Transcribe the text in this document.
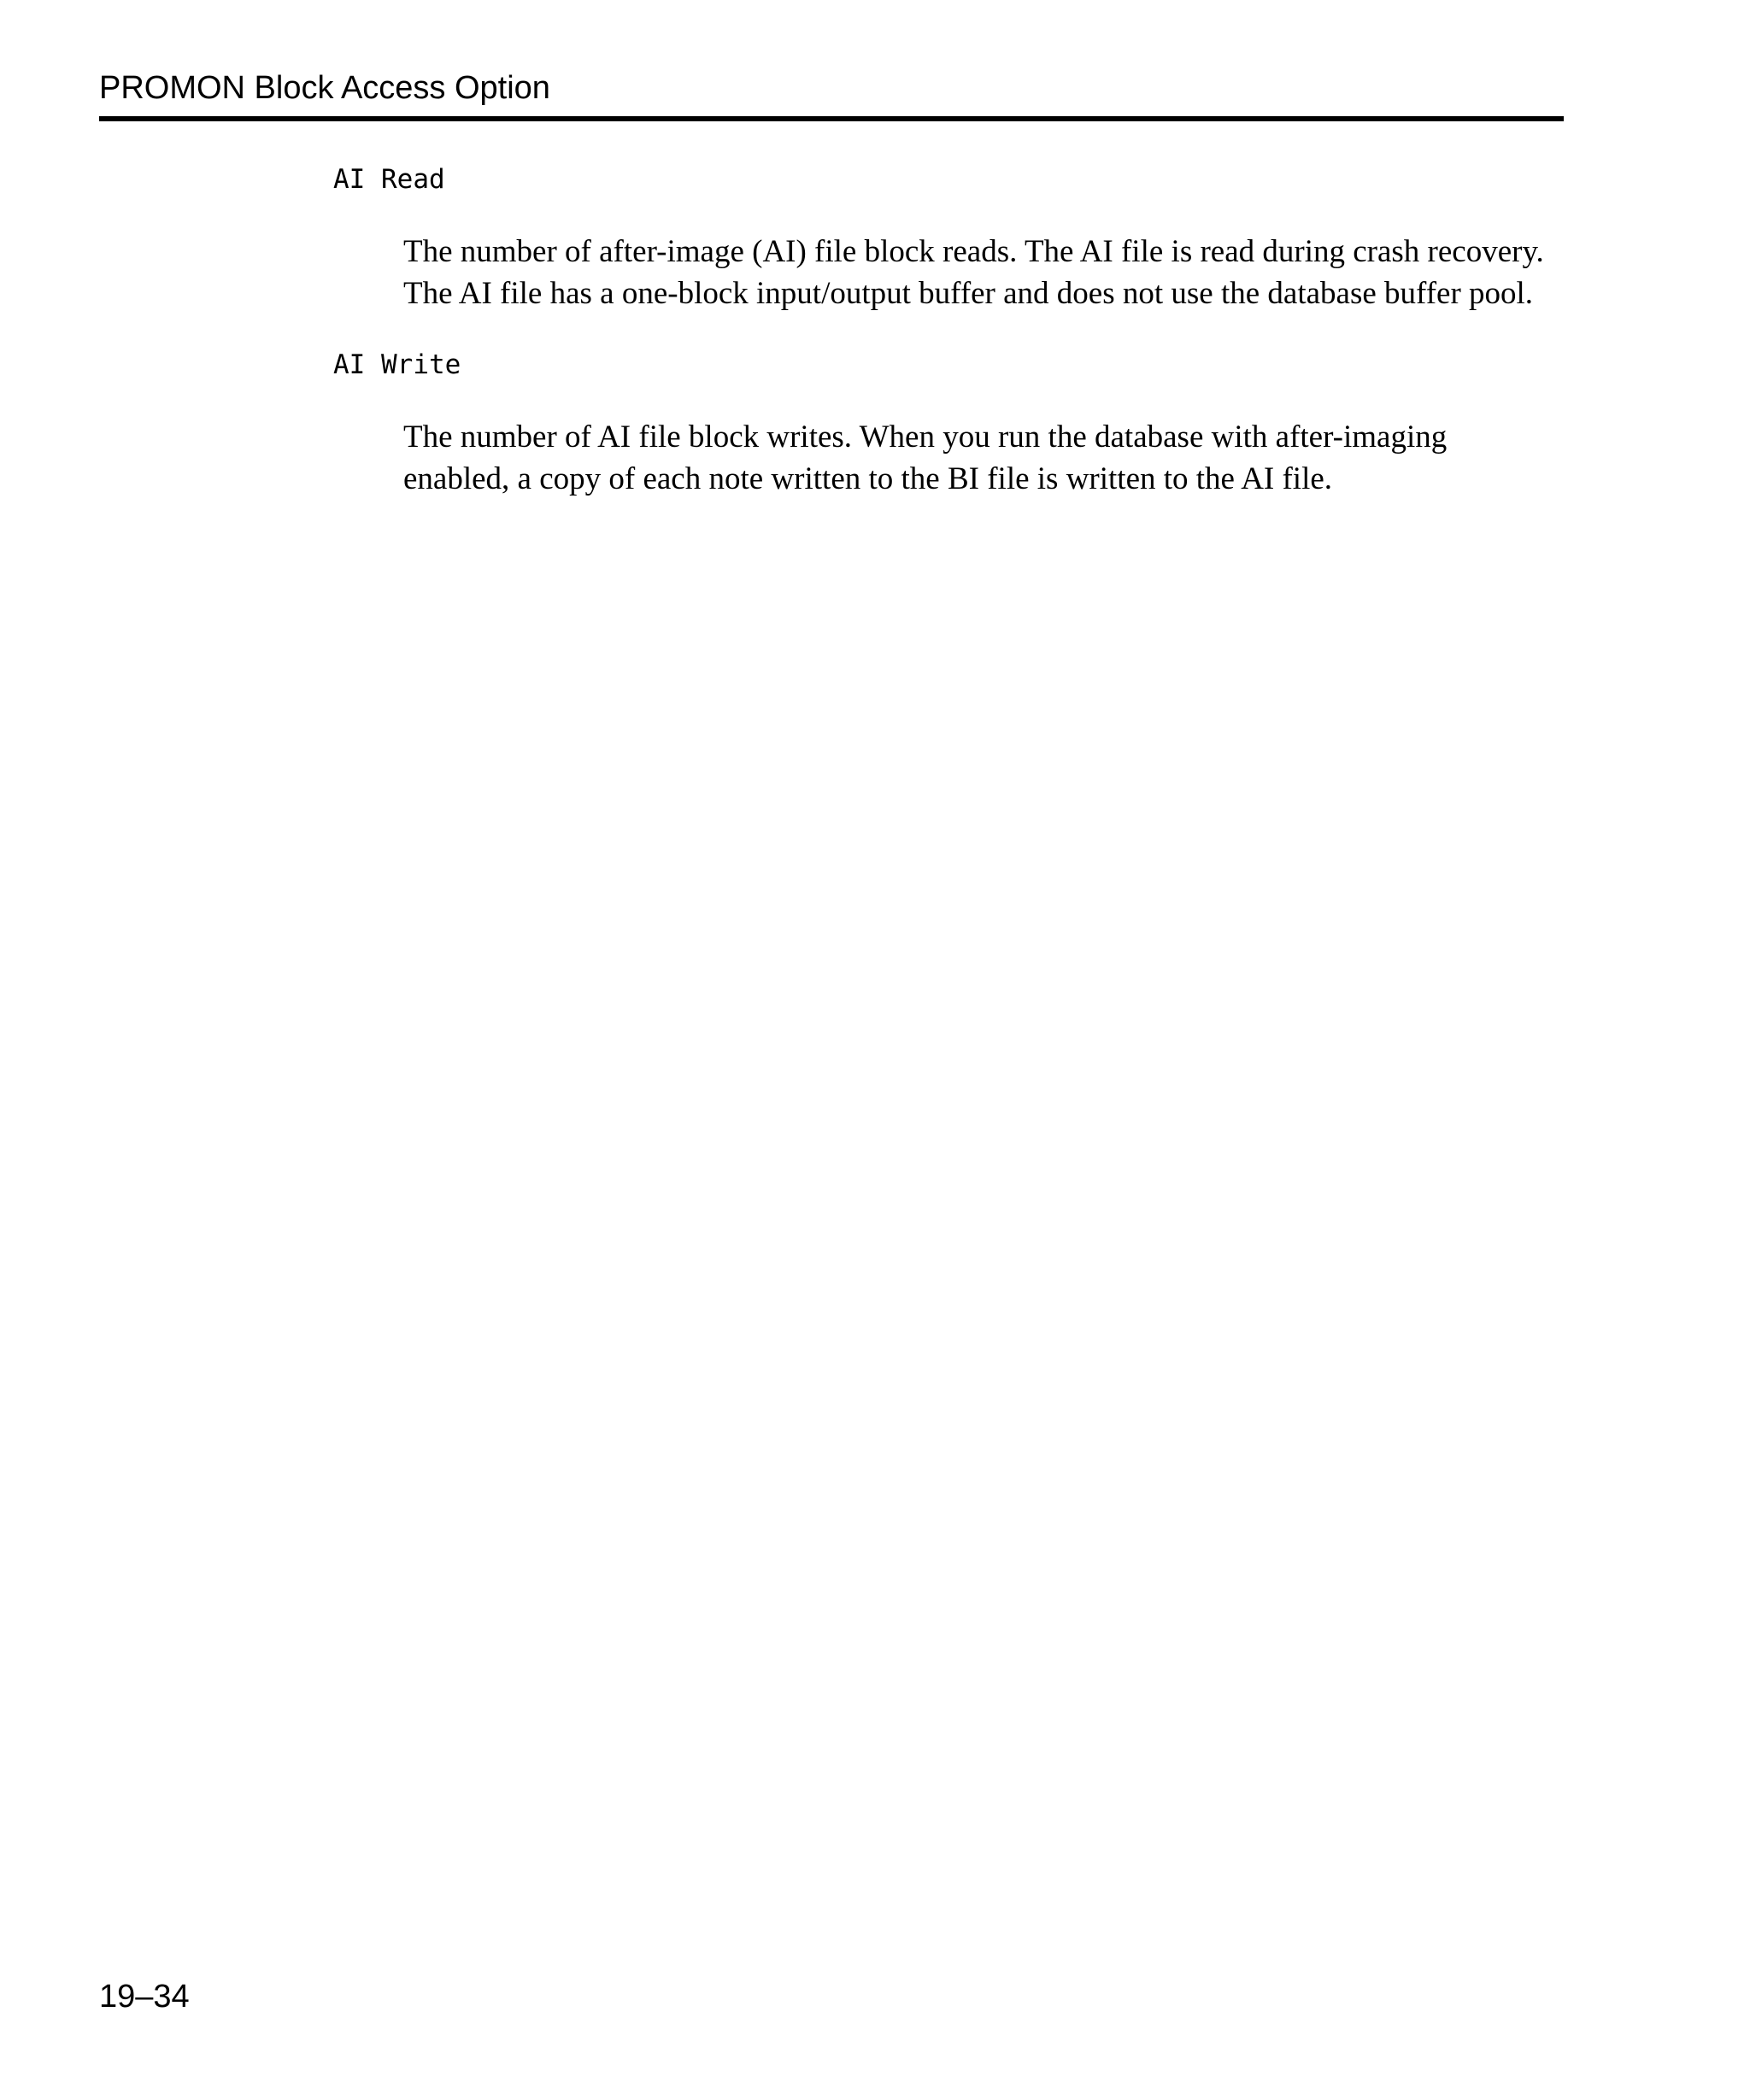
PROMON Block Access Option
AI Read
The number of after-image (AI) file block reads. The AI file is read during crash recovery.
The AI file has a one-block input/output buffer and does not use the database buffer pool.
AI Write
The number of AI file block writes. When you run the database with after-imaging
enabled, a copy of each note written to the BI file is written to the AI file.
19–34
